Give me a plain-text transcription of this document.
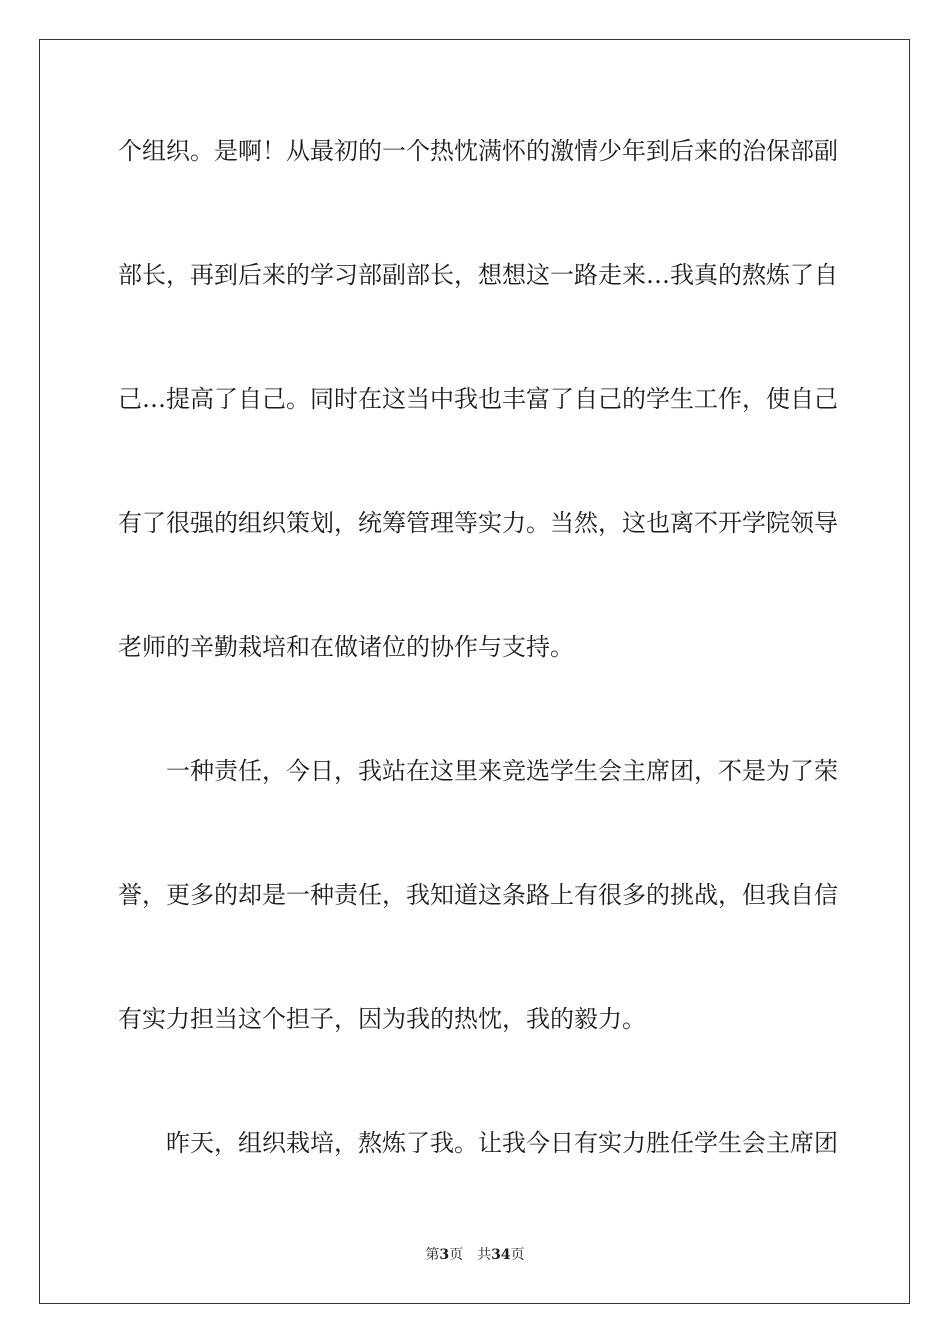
个组织。是啊！从最初的一个热忱满怀的激情少年到后来的治保部副
部长，再到后来的学习部副部长，想想这一路走来…我真的熬炼了自
己…提高了自己。同时在这当中我也丰富了自己的学生工作，使自己
有了很强的组织策划，统筹管理等实力。当然，这也离不开学院领导
老师的辛勤栽培和在做诸位的协作与支持。
一种责任，今日，我站在这里来竞选学生会主席团，不是为了荣
誉，更多的却是一种责任，我知道这条路上有很多的挑战，但我自信
有实力担当这个担子，因为我的热忱，我的毅力。
昨天，组织栽培，熬炼了我。让我今日有实力胜任学生会主席团
第3页 共34页
